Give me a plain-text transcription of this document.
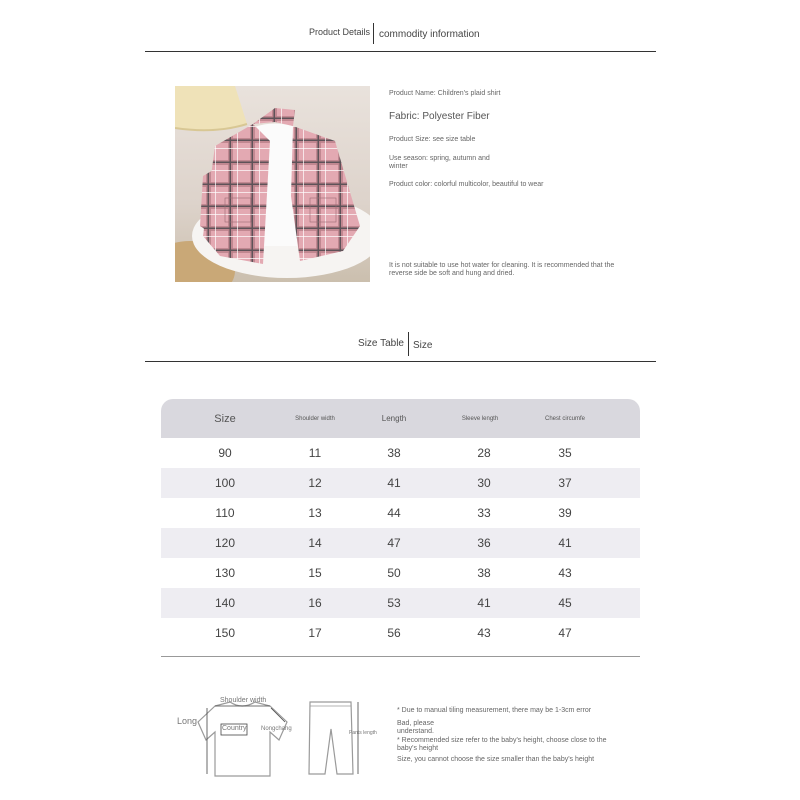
Product Details commodity information
Product Name: Children's plaid shirt
Fabric: Polyester Fiber
Product Size: see size table
Use season: spring, autumn and winter
Product color: colorful multicolor, beautiful to wear
It is not suitable to use hot water for cleaning. It is recommended that the reverse side be soft and hung and dried.
Size Table Size
Size	Shoulder width	Length	Sleeve length	Chest circumfe
90	11	38	28	35
100	12	41	30	37
110	13	44	33	39
120	14	47	36	41
130	15	50	38	43
140	16	53	41	45
150	17	56	43	47
Shoulder width
Long
Country Nongchang
Pants length
* Due to manual tiling measurement, there may be 1-3cm error
Bad, please understand.
* Recommended size refer to the baby's height, choose close to the baby's height
Size, you cannot choose the size smaller than the baby's height
